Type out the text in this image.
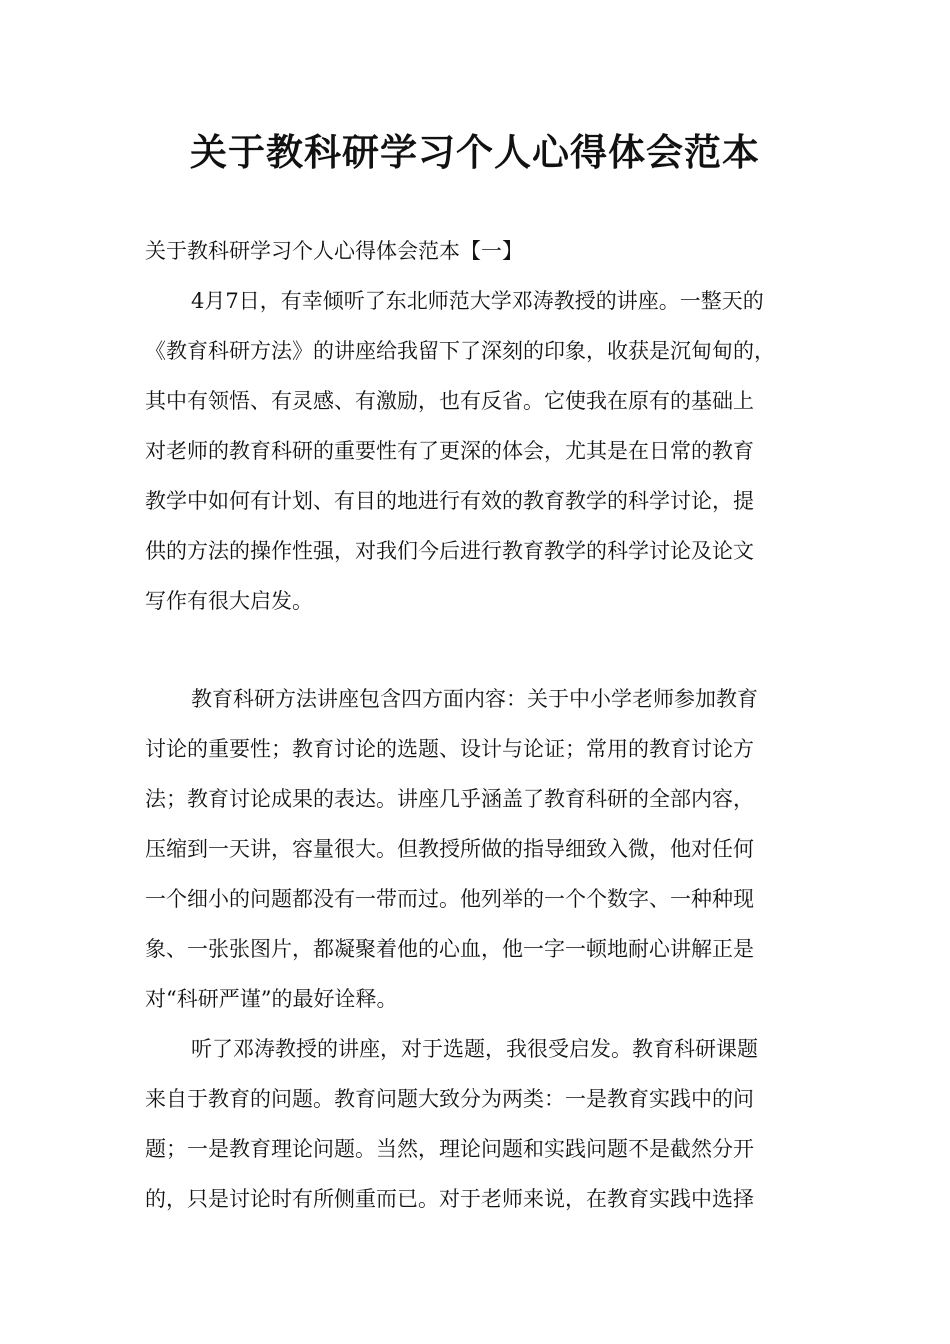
关于教科研学习个人心得体会范本

关于教科研学习个人心得体会范本【一】

4月7日，有幸倾听了东北师范大学邓涛教授的讲座。一整天的
《教育科研方法》的讲座给我留下了深刻的印象，收获是沉甸甸的，
其中有领悟、有灵感、有激励，也有反省。它使我在原有的基础上
对老师的教育科研的重要性有了更深的体会，尤其是在日常的教育
教学中如何有计划、有目的地进行有效的教育教学的科学讨论，提
供的方法的操作性强，对我们今后进行教育教学的科学讨论及论文
写作有很大启发。
教育科研方法讲座包含四方面内容：关于中小学老师参加教育
讨论的重要性；教育讨论的选题、设计与论证；常用的教育讨论方
法；教育讨论成果的表达。讲座几乎涵盖了教育科研的全部内容，
压缩到一天讲，容量很大。但教授所做的指导细致入微，他对任何
一个细小的问题都没有一带而过。他列举的一个个数字、一种种现
象、一张张图片，都凝聚着他的心血，他一字一顿地耐心讲解正是
对“科研严谨”的最好诠释。
听了邓涛教授的讲座，对于选题，我很受启发。教育科研课题
来自于教育的问题。教育问题大致分为两类：一是教育实践中的问
题；一是教育理论问题。当然，理论问题和实践问题不是截然分开
的，只是讨论时有所侧重而已。对于老师来说，在教育实践中选择
